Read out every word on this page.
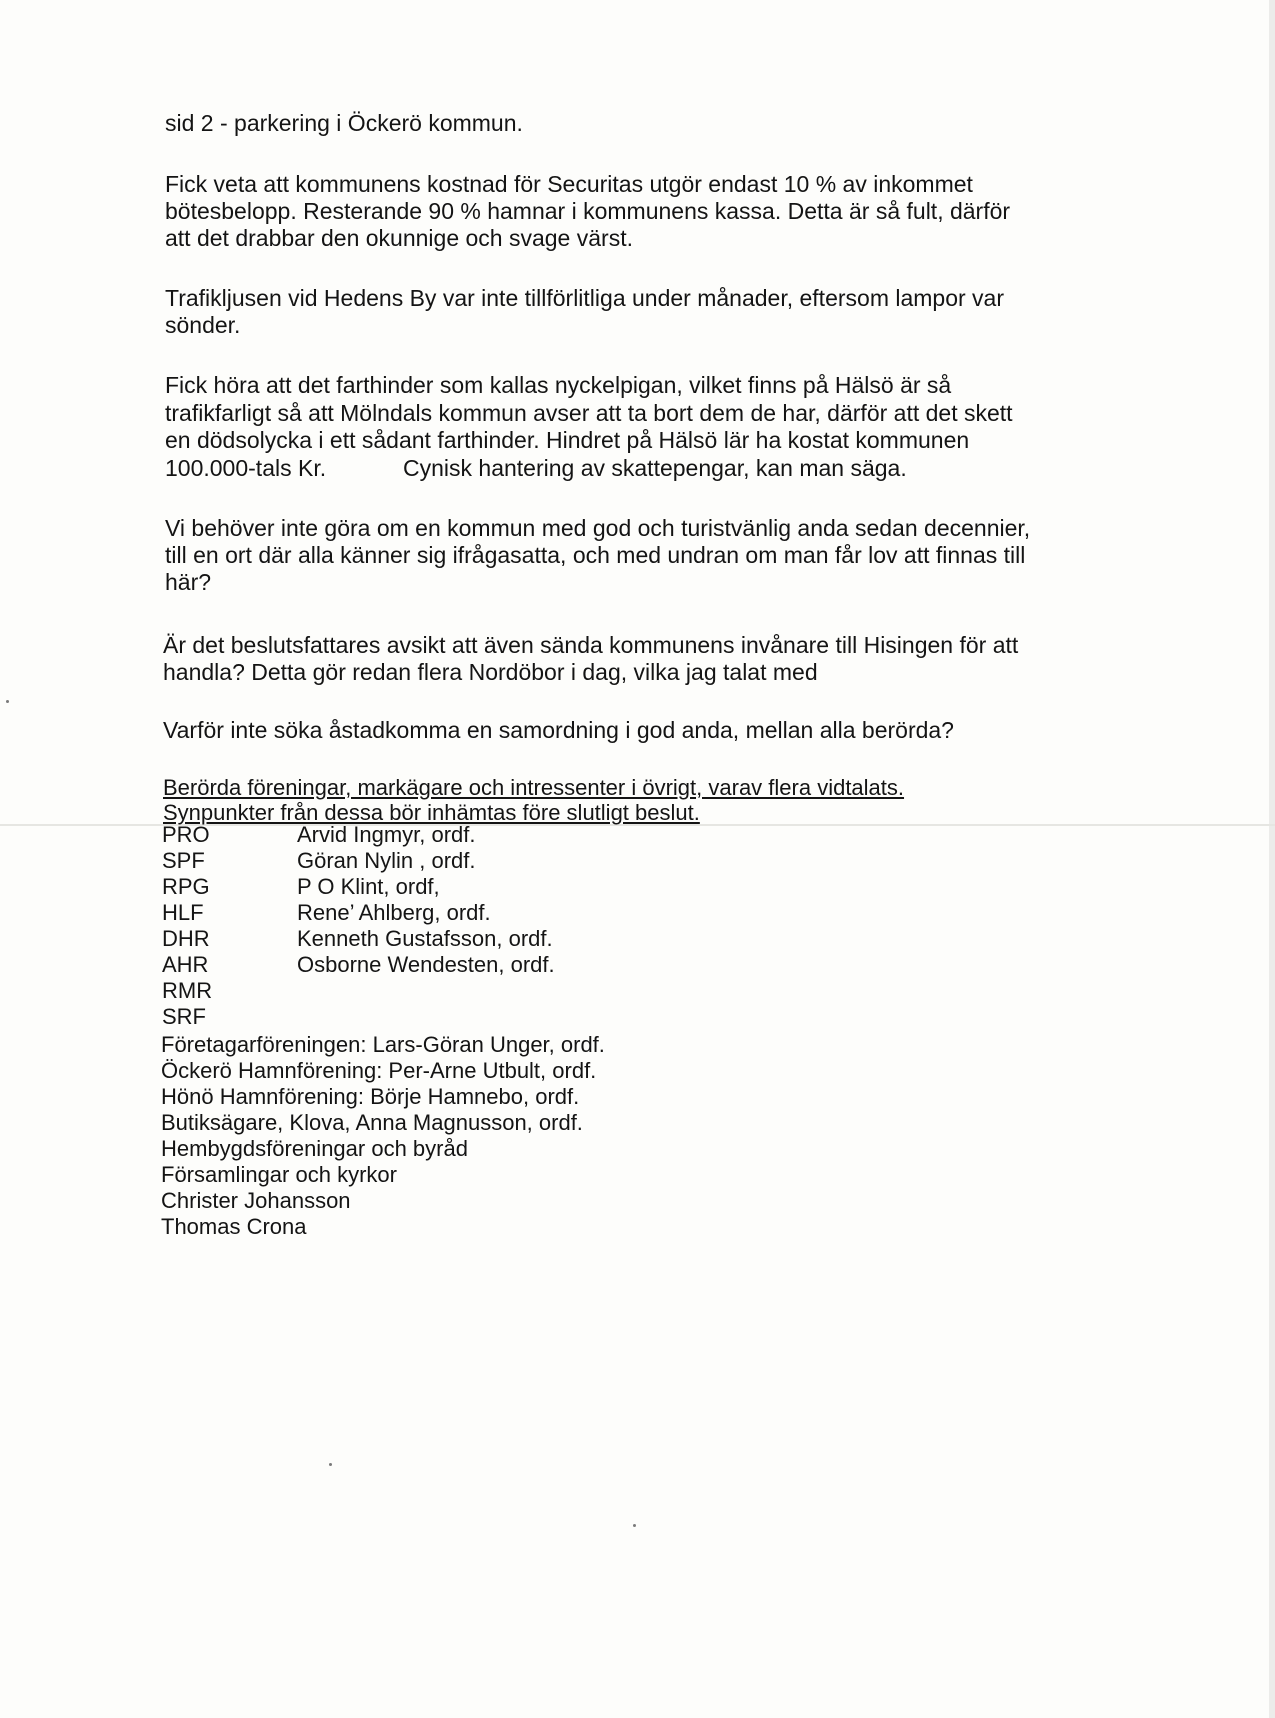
sid 2 - parkering i Öckerö kommun.
Fick veta att kommunens kostnad för Securitas utgör endast 10 % av inkommet
bötesbelopp. Resterande 90 % hamnar i kommunens kassa. Detta är så fult, därför
att det drabbar den okunnige och svage värst.
Trafikljusen vid Hedens By var inte tillförlitliga under månader, eftersom lampor var
sönder.
Fick höra att det farthinder som kallas nyckelpigan, vilket finns på Hälsö är så
trafikfarligt så att Mölndals kommun avser att ta bort dem de har, därför att det skett
en dödsolycka i ett sådant farthinder. Hindret på Hälsö lär ha kostat kommunen
100.000-tals Kr.	Cynisk hantering av skattepengar, kan man säga.
Vi behöver inte göra om en kommun med god och turistvänlig anda sedan decennier,
till en ort där alla känner sig ifrågasatta, och med undran om man får lov att finnas till
här?
Är det beslutsfattares avsikt att även sända kommunens invånare till Hisingen för att
handla? Detta gör redan flera Nordöbor i dag, vilka jag talat med
Varför inte söka åstadkomma en samordning i god anda, mellan alla berörda?
Berörda föreningar, markägare och intressenter i övrigt, varav flera vidtalats.
Synpunkter från dessa bör inhämtas före slutligt beslut.
PRO	Arvid Ingmyr, ordf.
SPF	Göran Nylin , ordf.
RPG	P O Klint, ordf,
HLF	Rene’ Ahlberg, ordf.
DHR	Kenneth Gustafsson, ordf.
AHR	Osborne Wendesten, ordf.
RMR
SRF
Företagarföreningen: Lars-Göran Unger, ordf.
Öckerö Hamnförening: Per-Arne Utbult, ordf.
Hönö Hamnförening: Börje Hamnebo, ordf.
Butiksägare, Klova, Anna Magnusson, ordf.
Hembygdsföreningar och byråd
Församlingar och kyrkor
Christer Johansson
Thomas Crona
